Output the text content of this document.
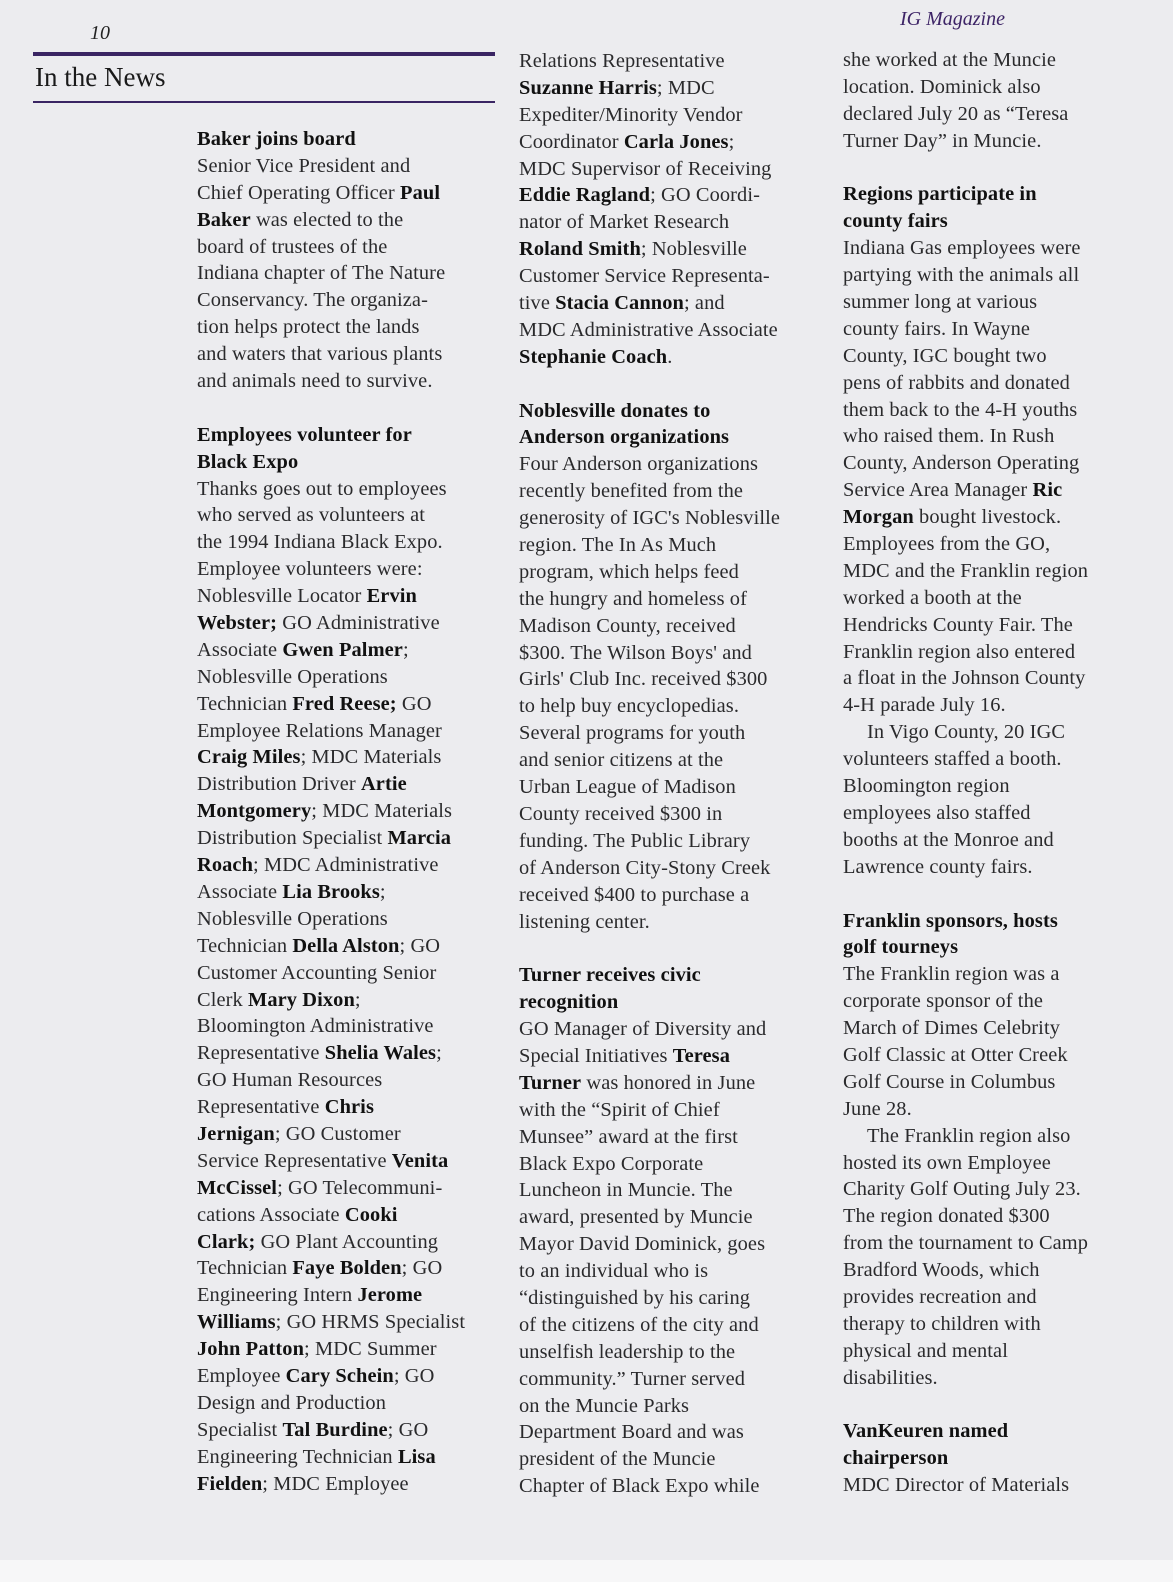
10
IG Magazine
In the News
Baker joins board
Senior Vice President and
Chief Operating Officer Paul
Baker was elected to the
board of trustees of the
Indiana chapter of The Nature
Conservancy. The organiza-
tion helps protect the lands
and waters that various plants
and animals need to survive.
Employees volunteer for
Black Expo
Thanks goes out to employees
who served as volunteers at
the 1994 Indiana Black Expo.
Employee volunteers were:
Noblesville Locator Ervin
Webster; GO Administrative
Associate Gwen Palmer;
Noblesville Operations
Technician Fred Reese; GO
Employee Relations Manager
Craig Miles; MDC Materials
Distribution Driver Artie
Montgomery; MDC Materials
Distribution Specialist Marcia
Roach; MDC Administrative
Associate Lia Brooks;
Noblesville Operations
Technician Della Alston; GO
Customer Accounting Senior
Clerk Mary Dixon;
Bloomington Administrative
Representative Shelia Wales;
GO Human Resources
Representative Chris
Jernigan; GO Customer
Service Representative Venita
McCissel; GO Telecommuni-
cations Associate Cooki
Clark; GO Plant Accounting
Technician Faye Bolden; GO
Engineering Intern Jerome
Williams; GO HRMS Specialist
John Patton; MDC Summer
Employee Cary Schein; GO
Design and Production
Specialist Tal Burdine; GO
Engineering Technician Lisa
Fielden; MDC Employee
Relations Representative
Suzanne Harris; MDC
Expediter/Minority Vendor
Coordinator Carla Jones;
MDC Supervisor of Receiving
Eddie Ragland; GO Coordi-
nator of Market Research
Roland Smith; Noblesville
Customer Service Representa-
tive Stacia Cannon; and
MDC Administrative Associate
Stephanie Coach.
Noblesville donates to
Anderson organizations
Four Anderson organizations
recently benefited from the
generosity of IGC's Noblesville
region. The In As Much
program, which helps feed
the hungry and homeless of
Madison County, received
$300. The Wilson Boys' and
Girls' Club Inc. received $300
to help buy encyclopedias.
Several programs for youth
and senior citizens at the
Urban League of Madison
County received $300 in
funding. The Public Library
of Anderson City-Stony Creek
received $400 to purchase a
listening center.
Turner receives civic
recognition
GO Manager of Diversity and
Special Initiatives Teresa
Turner was honored in June
with the “Spirit of Chief
Munsee” award at the first
Black Expo Corporate
Luncheon in Muncie. The
award, presented by Muncie
Mayor David Dominick, goes
to an individual who is
“distinguished by his caring
of the citizens of the city and
unselfish leadership to the
community.” Turner served
on the Muncie Parks
Department Board and was
president of the Muncie
Chapter of Black Expo while
she worked at the Muncie
location. Dominick also
declared July 20 as “Teresa
Turner Day” in Muncie.
Regions participate in
county fairs
Indiana Gas employees were
partying with the animals all
summer long at various
county fairs. In Wayne
County, IGC bought two
pens of rabbits and donated
them back to the 4-H youths
who raised them. In Rush
County, Anderson Operating
Service Area Manager Ric
Morgan bought livestock.
Employees from the GO,
MDC and the Franklin region
worked a booth at the
Hendricks County Fair. The
Franklin region also entered
a float in the Johnson County
4-H parade July 16.
In Vigo County, 20 IGC
volunteers staffed a booth.
Bloomington region
employees also staffed
booths at the Monroe and
Lawrence county fairs.
Franklin sponsors, hosts
golf tourneys
The Franklin region was a
corporate sponsor of the
March of Dimes Celebrity
Golf Classic at Otter Creek
Golf Course in Columbus
June 28.
The Franklin region also
hosted its own Employee
Charity Golf Outing July 23.
The region donated $300
from the tournament to Camp
Bradford Woods, which
provides recreation and
therapy to children with
physical and mental
disabilities.
VanKeuren named
chairperson
MDC Director of Materials
